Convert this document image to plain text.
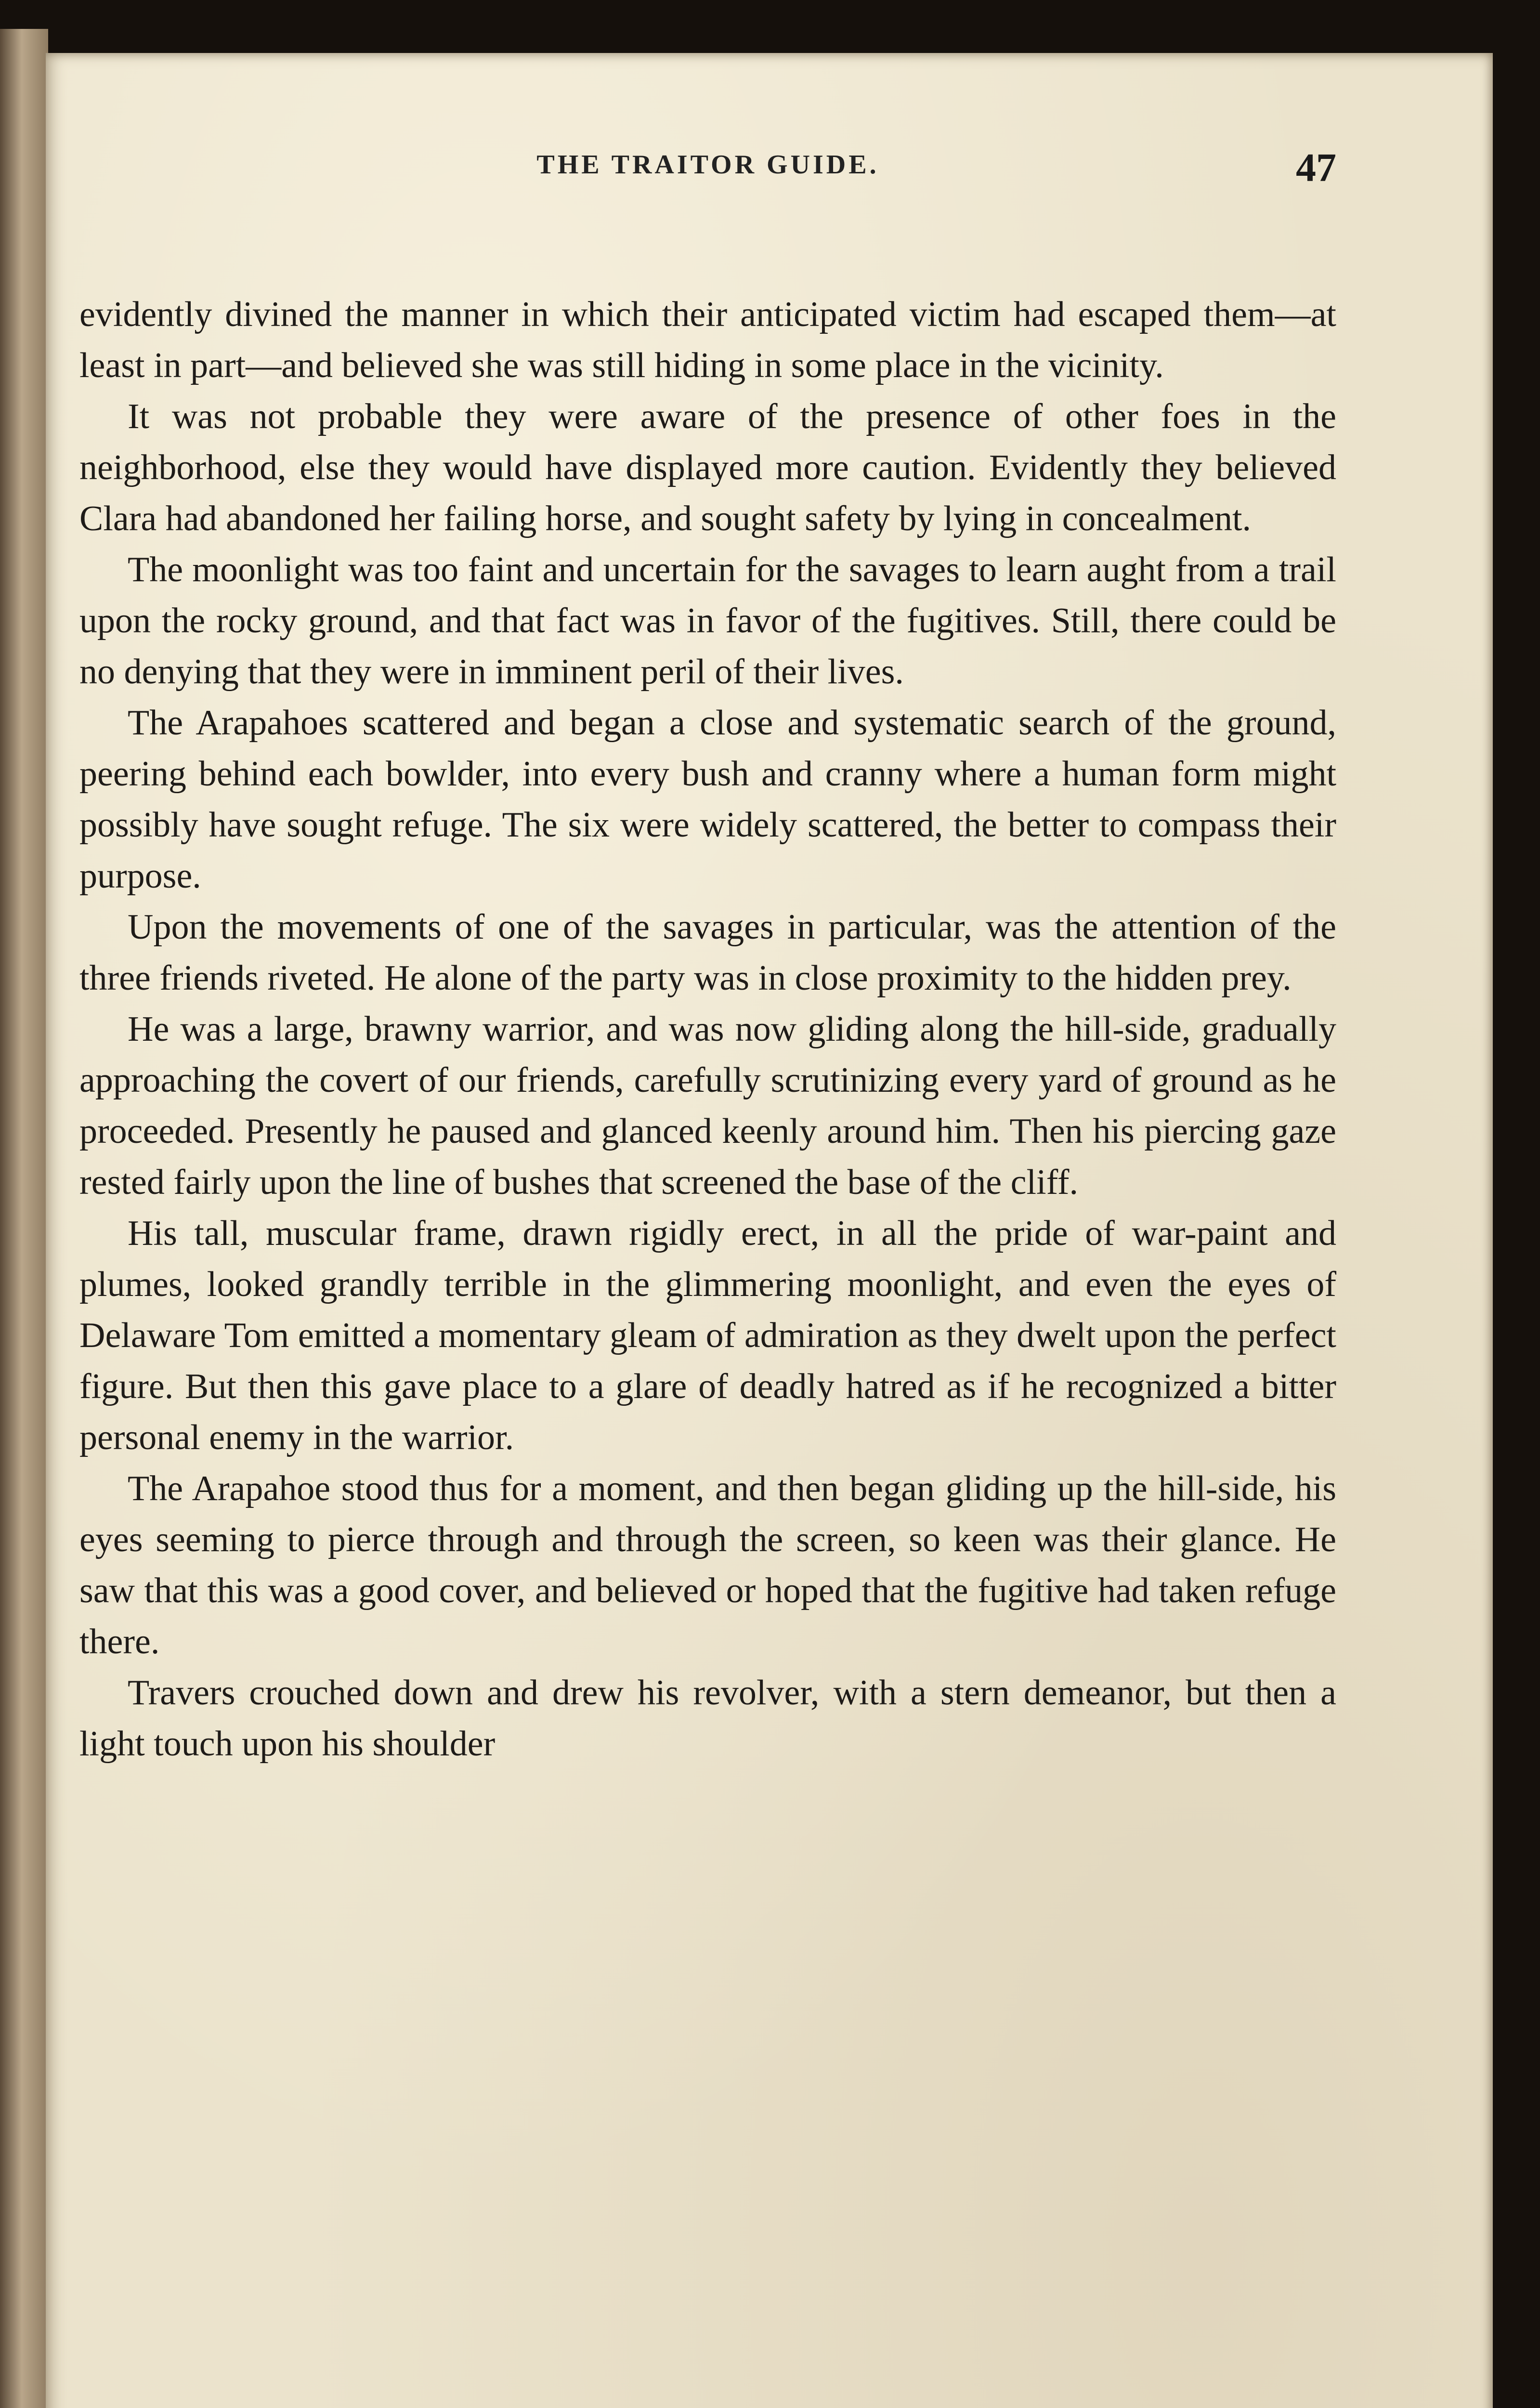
THE TRAITOR GUIDE.	47

evidently divined the manner in which their anticipated victim had escaped them—at least in part—and believed she was still hiding in some place in the vicinity.

It was not probable they were aware of the presence of other foes in the neighborhood, else they would have displayed more caution. Evidently they believed Clara had abandoned her failing horse, and sought safety by lying in concealment.

The moonlight was too faint and uncertain for the savages to learn aught from a trail upon the rocky ground, and that fact was in favor of the fugitives. Still, there could be no denying that they were in imminent peril of their lives.

The Arapahoes scattered and began a close and systematic search of the ground, peering behind each bowlder, into every bush and cranny where a human form might possibly have sought refuge. The six were widely scattered, the better to compass their purpose.

Upon the movements of one of the savages in particular, was the attention of the three friends riveted. He alone of the party was in close proximity to the hidden prey.

He was a large, brawny warrior, and was now gliding along the hill-side, gradually approaching the covert of our friends, carefully scrutinizing every yard of ground as he proceeded. Presently he paused and glanced keenly around him. Then his piercing gaze rested fairly upon the line of bushes that screened the base of the cliff.

His tall, muscular frame, drawn rigidly erect, in all the pride of war-paint and plumes, looked grandly terrible in the glimmering moonlight, and even the eyes of Delaware Tom emitted a momentary gleam of admiration as they dwelt upon the perfect figure. But then this gave place to a glare of deadly hatred as if he recognized a bitter personal enemy in the warrior.

The Arapahoe stood thus for a moment, and then began gliding up the hill-side, his eyes seeming to pierce through and through the screen, so keen was their glance. He saw that this was a good cover, and believed or hoped that the fugitive had taken refuge there.

Travers crouched down and drew his revolver, with a stern demeanor, but then a light touch upon his shoulder
